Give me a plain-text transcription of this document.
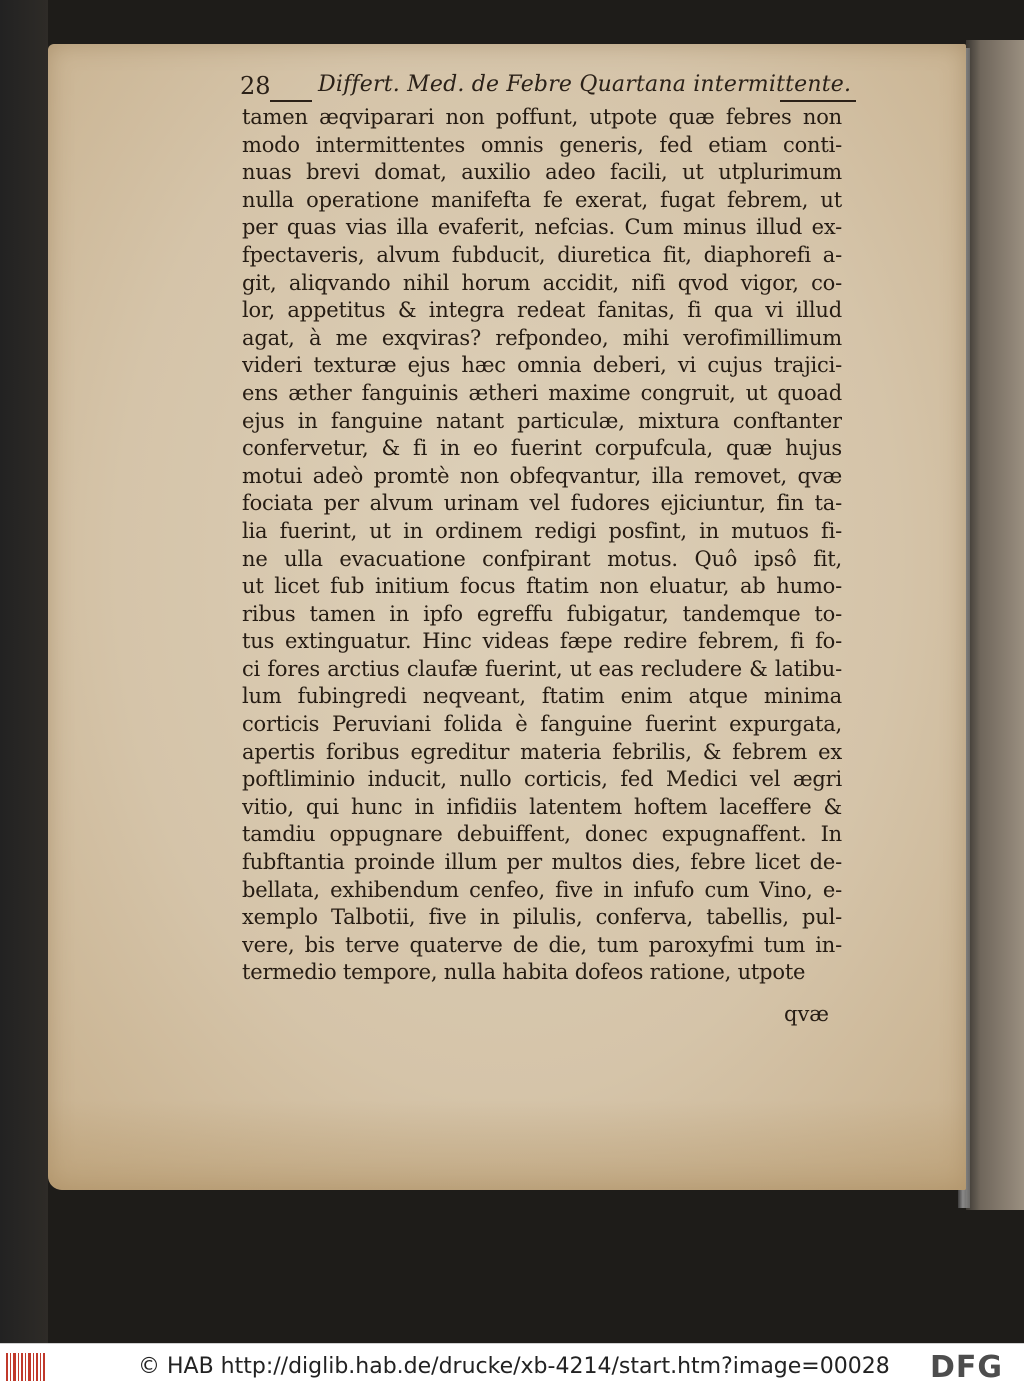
28 Differt. Med. de Febre Quartana intermittente.
tamen æqviparari non poffunt, utpote quæ febres non
modo intermittentes omnis generis, fed etiam conti-
nuas brevi domat, auxilio adeo facili, ut utplurimum
nulla operatione manifefta fe exerat, fugat febrem, ut
per quas vias illa evaferit, nefcias. Cum minus illud ex-
fpectaveris, alvum fubducit, diuretica fit, diaphorefi a-
git, aliqvando nihil horum accidit, nifi qvod vigor, co-
lor, appetitus & integra redeat fanitas, fi qua vi illud
agat, à me exqviras? refpondeo, mihi verofimillimum
videri texturæ ejus hæc omnia deberi, vi cujus trajici-
ens æther fanguinis ætheri maxime congruit, ut quoad
ejus in fanguine natant particulæ, mixtura conftanter
confervetur, & fi in eo fuerint corpufcula, quæ hujus
motui adeò promtè non obfeqvantur, illa removet, qvæ
fociata per alvum urinam vel fudores ejiciuntur, fin ta-
lia fuerint, ut in ordinem redigi posfint, in mutuos fi-
ne ulla evacuatione confpirant motus. Quô ipsô fit,
ut licet fub initium focus ftatim non eluatur, ab humo-
ribus tamen in ipfo egreffu fubigatur, tandemque to-
tus extinguatur. Hinc videas fæpe redire febrem, fi fo-
ci fores arctius claufæ fuerint, ut eas recludere & latibu-
lum fubingredi neqveant, ftatim enim atque minima
corticis Peruviani folida è fanguine fuerint expurgata,
apertis foribus egreditur materia febrilis, & febrem ex
poftliminio inducit, nullo corticis, fed Medici vel ægri
vitio, qui hunc in infidiis latentem hoftem laceffere &
tamdiu oppugnare debuiffent, donec expugnaffent. In
fubftantia proinde illum per multos dies, febre licet de-
bellata, exhibendum cenfeo, five in infufo cum Vino, e-
xemplo Talbotii, five in pilulis, conferva, tabellis, pul-
vere, bis terve quaterve de die, tum paroxyfmi tum in-
termedio tempore, nulla habita dofeos ratione, utpote
qvæ
© HAB http://diglib.hab.de/drucke/xb-4214/start.htm?image=00028 DFG
